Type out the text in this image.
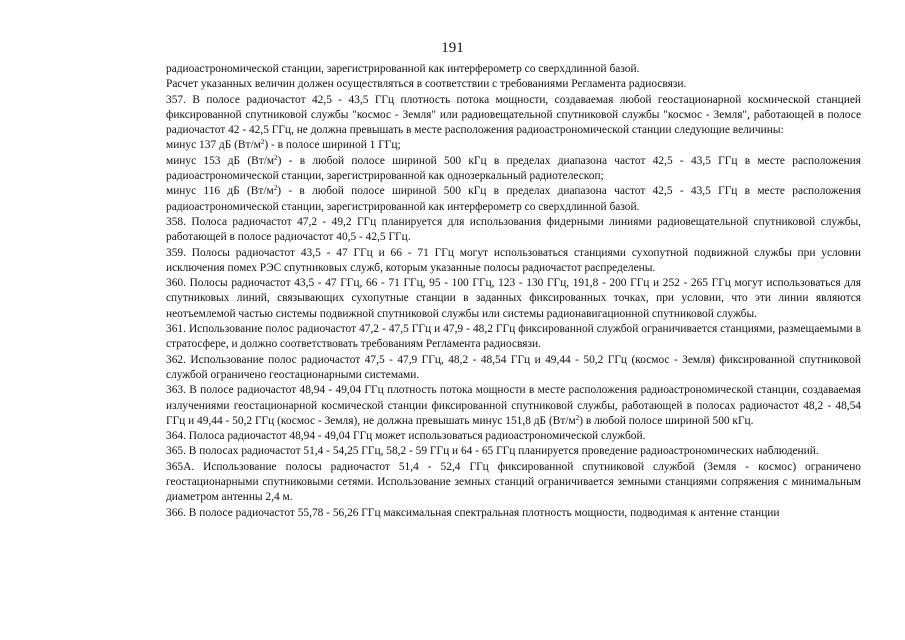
191

радиоастрономической станции, зарегистрированной как интерферометр со сверхдлинной базой.

Расчет указанных величин должен осуществляться в соответствии с требованиями Регламента радиосвязи.

357. В полосе радиочастот 42,5 - 43,5 ГГц плотность потока мощности, создаваемая любой геостационарной космической станцией фиксированной спутниковой службы "космос - Земля" или радиовещательной спутниковой службы "космос - Земля", работающей в полосе радиочастот 42 - 42,5 ГГц, не должна превышать в месте расположения радиоастрономической станции следующие величины:

минус 137 дБ $(Вт/м^2)$ - в полосе шириной 1 ГГц;

минус 153 дБ $(Вт/м^2)$ - в любой полосе шириной 500 кГц в пределах диапазона частот 42,5 - 43,5 ГГц в месте расположения радиоастрономической станции, зарегистрированной как однозеркальный радиотелескоп;

минус 116 дБ $(Вт/м^2)$ - в любой полосе шириной 500 кГц в пределах диапазона частот 42,5 - 43,5 ГГц в месте расположения радиоастрономической станции, зарегистрированной как интерферометр со сверхдлинной базой.

358. Полоса радиочастот 47,2 - 49,2 ГГц планируется для использования фидерными линиями радиовещательной спутниковой службы, работающей в полосе радиочастот 40,5 - 42,5 ГГц.

359. Полосы радиочастот 43,5 - 47 ГГц и 66 - 71 ГГц могут использоваться станциями сухопутной подвижной службы при условии исключения помех РЭС спутниковых служб, которым указанные полосы радиочастот распределены.

360. Полосы радиочастот 43,5 - 47 ГГц, 66 - 71 ГГц, 95 - 100 ГГц, 123 - 130 ГГц, 191,8 - 200 ГГц и 252 - 265 ГГц могут использоваться для спутниковых линий, связывающих сухопутные станции в заданных фиксированных точках, при условии, что эти линии являются неотъемлемой частью системы подвижной спутниковой службы или системы радионавигационной спутниковой службы.

361. Использование полос радиочастот 47,2 - 47,5 ГГц и 47,9 - 48,2 ГГц фиксированной службой ограничивается станциями, размещаемыми в стратосфере, и должно соответствовать требованиям Регламента радиосвязи.

362. Использование полос радиочастот 47,5 - 47,9 ГГц, 48,2 - 48,54 ГГц и 49,44 - 50,2 ГГц (космос - Земля) фиксированной спутниковой службой ограничено геостационарными системами.

363. В полосе радиочастот 48,94 - 49,04 ГГц плотность потока мощности в месте расположения радиоастрономической станции, создаваемая излучениями геостационарной космической станции фиксированной спутниковой службы, работающей в полосах радиочастот 48,2 - 48,54 ГГц и 49,44 - 50,2 ГГц (космос - Земля), не должна превышать минус 151,8 дБ $(Вт/м^2)$ в любой полосе шириной 500 кГц.

364. Полоса радиочастот 48,94 - 49,04 ГГц может использоваться радиоастрономической службой.

365. В полосах радиочастот 51,4 - 54,25 ГГц, 58,2 - 59 ГГц и 64 - 65 ГГц планируется проведение радиоастрономических наблюдений.

365А. Использование полосы радиочастот 51,4 - 52,4 ГГц фиксированной спутниковой службой (Земля - космос) ограничено геостационарными спутниковыми сетями. Использование земных станций ограничивается земными станциями сопряжения с минимальным диаметром антенны 2,4 м.

366. В полосе радиочастот 55,78 - 56,26 ГГц максимальная спектральная плотность мощности, подводимая к антенне станции
